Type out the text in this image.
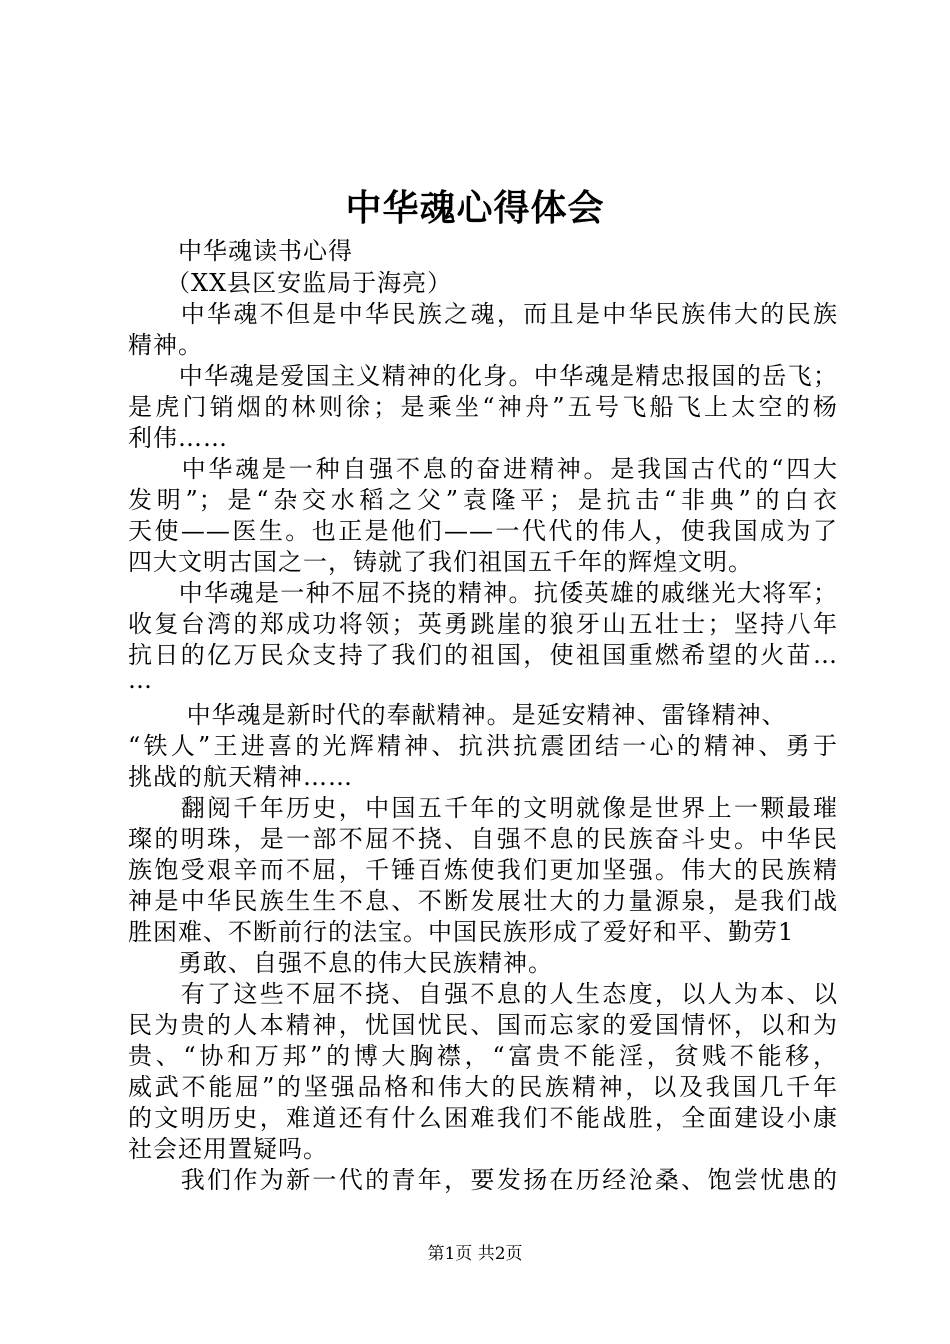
中华魂心得体会
　　中华魂读书心得
　　（XX县区安监局于海亮）
　　中华魂不但是中华民族之魂，而且是中华民族伟大的民族
精神。
　　中华魂是爱国主义精神的化身。中华魂是精忠报国的岳飞；
是虎门销烟的林则徐；是乘坐“神舟”五号飞船飞上太空的杨
利伟……
　　中华魂是一种自强不息的奋进精神。是我国古代的“四大
发明”；是“杂交水稻之父”袁隆平；是抗击“非典”的白衣
天使——医生。也正是他们——一代代的伟人，使我国成为了
四大文明古国之一，铸就了我们祖国五千年的辉煌文明。
　　中华魂是一种不屈不挠的精神。抗倭英雄的戚继光大将军；
收复台湾的郑成功将领；英勇跳崖的狼牙山五壮士；坚持八年
抗日的亿万民众支持了我们的祖国，使祖国重燃希望的火苗…
…
　　 中华魂是新时代的奉献精神。是延安精神、雷锋精神、
“铁人”王进喜的光辉精神、抗洪抗震团结一心的精神、勇于
挑战的航天精神……
　　翻阅千年历史，中国五千年的文明就像是世界上一颗最璀
璨的明珠，是一部不屈不挠、自强不息的民族奋斗史。中华民
族饱受艰辛而不屈，千锤百炼使我们更加坚强。伟大的民族精
神是中华民族生生不息、不断发展壮大的力量源泉，是我们战
胜困难、不断前行的法宝。中国民族形成了爱好和平、勤劳1
　　勇敢、自强不息的伟大民族精神。
　　有了这些不屈不挠、自强不息的人生态度，以人为本、以
民为贵的人本精神，忧国忧民、国而忘家的爱国情怀，以和为
贵、“协和万邦”的博大胸襟，“富贵不能淫，贫贱不能移，
威武不能屈”的坚强品格和伟大的民族精神，以及我国几千年
的文明历史，难道还有什么困难我们不能战胜，全面建设小康
社会还用置疑吗。
　　我们作为新一代的青年，要发扬在历经沧桑、饱尝忧患的
第1页 共2页
